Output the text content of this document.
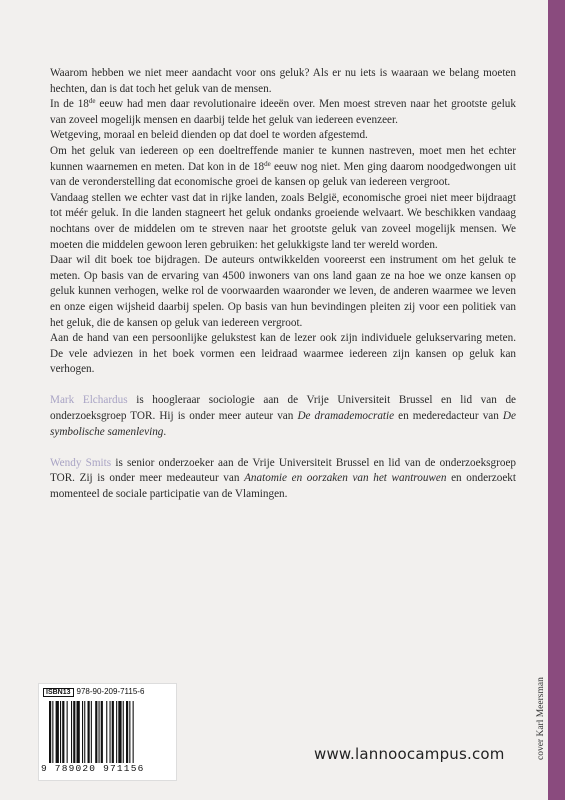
Waarom hebben we niet meer aandacht voor ons geluk? Als er nu iets is waaraan we belang moeten hechten, dan is dat toch het geluk van de mensen.

In de 18de eeuw had men daar revolutionaire ideeën over. Men moest streven naar het grootste geluk van zoveel mogelijk mensen en daarbij telde het geluk van iedereen evenzeer.

Wetgeving, moraal en beleid dienden op dat doel te worden afgestemd.

Om het geluk van iedereen op een doeltreffende manier te kunnen nastreven, moet men het echter kunnen waarnemen en meten. Dat kon in de 18de eeuw nog niet. Men ging daarom noodgedwongen uit van de veronderstelling dat economische groei de kansen op geluk van iedereen vergroot.

Vandaag stellen we echter vast dat in rijke landen, zoals België, economische groei niet meer bijdraagt tot méér geluk. In die landen stagneert het geluk ondanks groeiende welvaart. We beschikken vandaag nochtans over de middelen om te streven naar het grootste geluk van zoveel mogelijk mensen. We moeten die middelen gewoon leren gebruiken: het gelukkigste land ter wereld worden.

Daar wil dit boek toe bijdragen. De auteurs ontwikkelden vooreerst een instrument om het geluk te meten. Op basis van de ervaring van 4500 inwoners van ons land gaan ze na hoe we onze kansen op geluk kunnen verhogen, welke rol de voorwaarden waaronder we leven, de anderen waarmee we leven en onze eigen wijsheid daarbij spelen. Op basis van hun bevindingen pleiten zij voor een politiek van het geluk, die de kansen op geluk van iedereen vergroot.

Aan de hand van een persoonlijke gelukstest kan de lezer ook zijn individuele gelukservaring meten. De vele adviezen in het boek vormen een leidraad waarmee iedereen zijn kansen op geluk kan verhogen.

Mark Elchardus is hoogleraar sociologie aan de Vrije Universiteit Brussel en lid van de onderzoeksgroep TOR. Hij is onder meer auteur van De dramademocratie en mederedacteur van De symbolische samenleving.

Wendy Smits is senior onderzoeker aan de Vrije Universiteit Brussel en lid van de onderzoeksgroep TOR. Zij is onder meer medeauteur van Anatomie en oorzaken van het wantrouwen en onderzoekt momenteel de sociale participatie van de Vlamingen.

cover Karl Meersman
ISBN13 978-90-209-7115-6
9 789020 971156
www.lannoocampus.com
